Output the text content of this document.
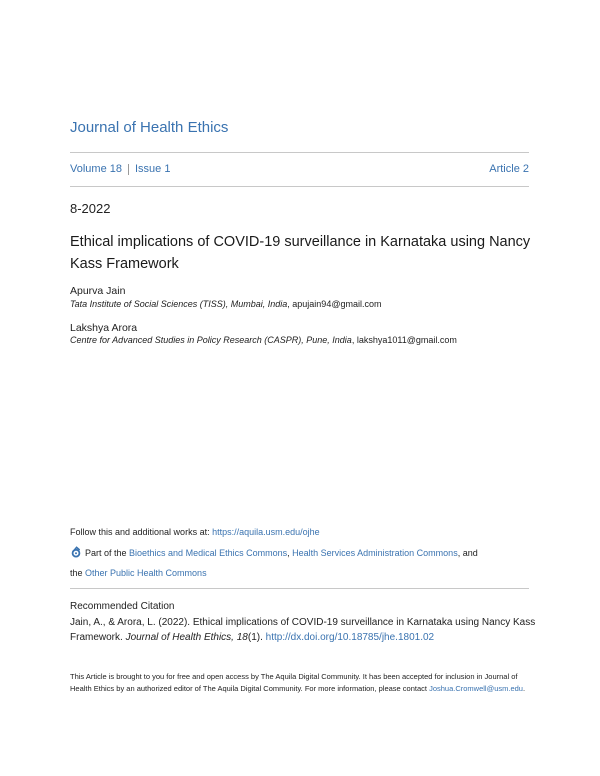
Journal of Health Ethics
Volume 18 Issue 1	Article 2
8-2022
Ethical implications of COVID-19 surveillance in Karnataka using Nancy Kass Framework
Apurva Jain
Tata Institute of Social Sciences (TISS), Mumbai, India, apujain94@gmail.com
Lakshya Arora
Centre for Advanced Studies in Policy Research (CASPR), Pune, India, lakshya1011@gmail.com
Follow this and additional works at: https://aquila.usm.edu/ojhe
Part of the Bioethics and Medical Ethics Commons, Health Services Administration Commons, and
the Other Public Health Commons
Recommended Citation
Jain, A., & Arora, L. (2022). Ethical implications of COVID-19 surveillance in Karnataka using Nancy Kass Framework. Journal of Health Ethics, 18(1). http://dx.doi.org/10.18785/jhe.1801.02
This Article is brought to you for free and open access by The Aquila Digital Community. It has been accepted for inclusion in Journal of Health Ethics by an authorized editor of The Aquila Digital Community. For more information, please contact Joshua.Cromwell@usm.edu.
